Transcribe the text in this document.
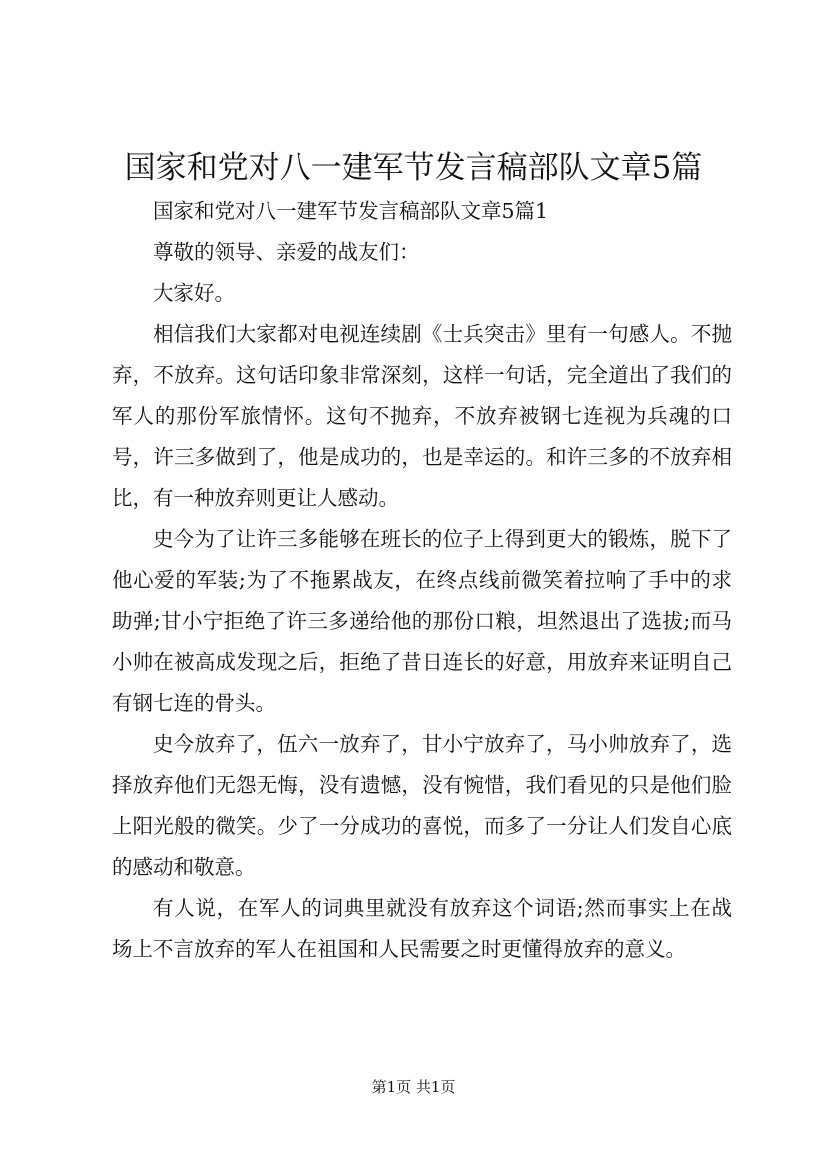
国家和党对八一建军节发言稿部队文章5篇

国家和党对八一建军节发言稿部队文章5篇1

尊敬的领导、亲爱的战友们：

大家好。

相信我们大家都对电视连续剧《士兵突击》里有一句感人。不抛弃，不放弃。这句话印象非常深刻，这样一句话，完全道出了我们的军人的那份军旅情怀。这句不抛弃，不放弃被钢七连视为兵魂的口号，许三多做到了，他是成功的，也是幸运的。和许三多的不放弃相比，有一种放弃则更让人感动。

史今为了让许三多能够在班长的位子上得到更大的锻炼，脱下了他心爱的军装;为了不拖累战友，在终点线前微笑着拉响了手中的求助弹;甘小宁拒绝了许三多递给他的那份口粮，坦然退出了选拔;而马小帅在被高成发现之后，拒绝了昔日连长的好意，用放弃来证明自己有钢七连的骨头。

史今放弃了，伍六一放弃了，甘小宁放弃了，马小帅放弃了，选择放弃他们无怨无悔，没有遗憾，没有惋惜，我们看见的只是他们脸上阳光般的微笑。少了一分成功的喜悦，而多了一分让人们发自心底的感动和敬意。

有人说，在军人的词典里就没有放弃这个词语;然而事实上在战场上不言放弃的军人在祖国和人民需要之时更懂得放弃的意义。

第1页 共1页
